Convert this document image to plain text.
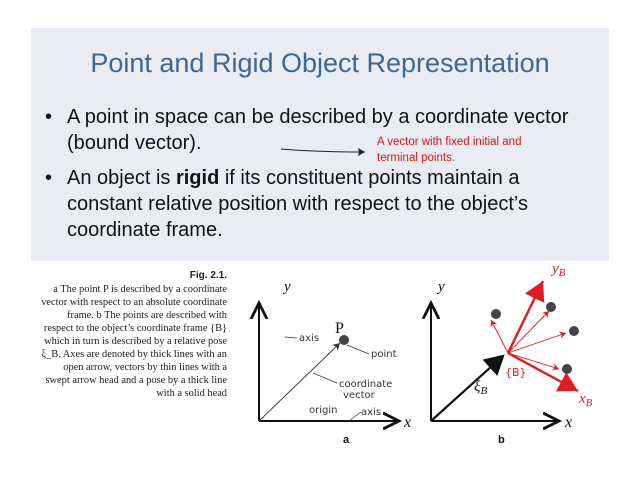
Point and Rigid Object Representation
• A point in space can be described by a coordinate vector (bound vector).
• An object is rigid if its constituent points maintain a constant relative position with respect to the object’s coordinate frame.
A vector with fixed initial and
terminal points.
Fig. 2.1.
a The point P is described by a coordinate vector with respect to an absolute coordinate frame. b The points are described with respect to the object’s coordinate frame {B} which in turn is described by a relative pose ξ_B. Axes are denoted by thick lines with an open arrow, vectors by thin lines with a swept arrow head and a pose by a thick line with a solid head
y
x
P
axis
point
coordinate
vector
origin axis
a
y
x
$y_B$
$x_B$
{B}
$\xi_B$
b
